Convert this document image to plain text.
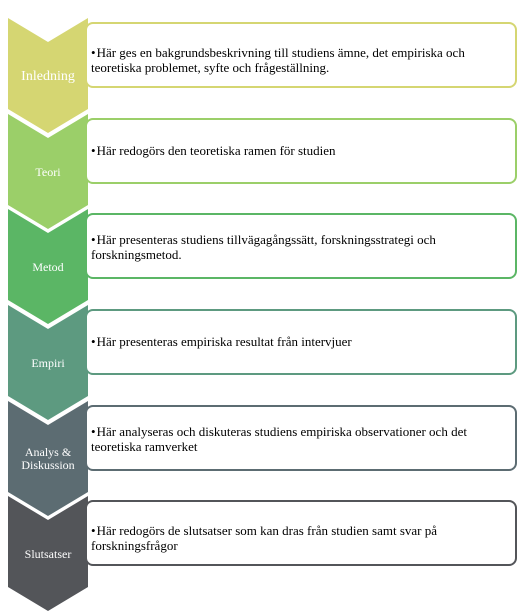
Inledning
•Här ges en bakgrundsbeskrivning till studiens ämne, det empiriska och teoretiska problemet, syfte och frågeställning.
Teori
•Här redogörs den teoretiska ramen för studien
Metod
•Här presenteras studiens tillvägagångssätt, forskningsstrategi och forskningsmetod.
Empiri
•Här presenteras empiriska resultat från intervjuer
Analys & Diskussion
•Här analyseras och diskuteras studiens empiriska observationer och det teoretiska ramverket
Slutsatser
•Här redogörs de slutsatser som kan dras från studien samt svar på forskningsfrågor
